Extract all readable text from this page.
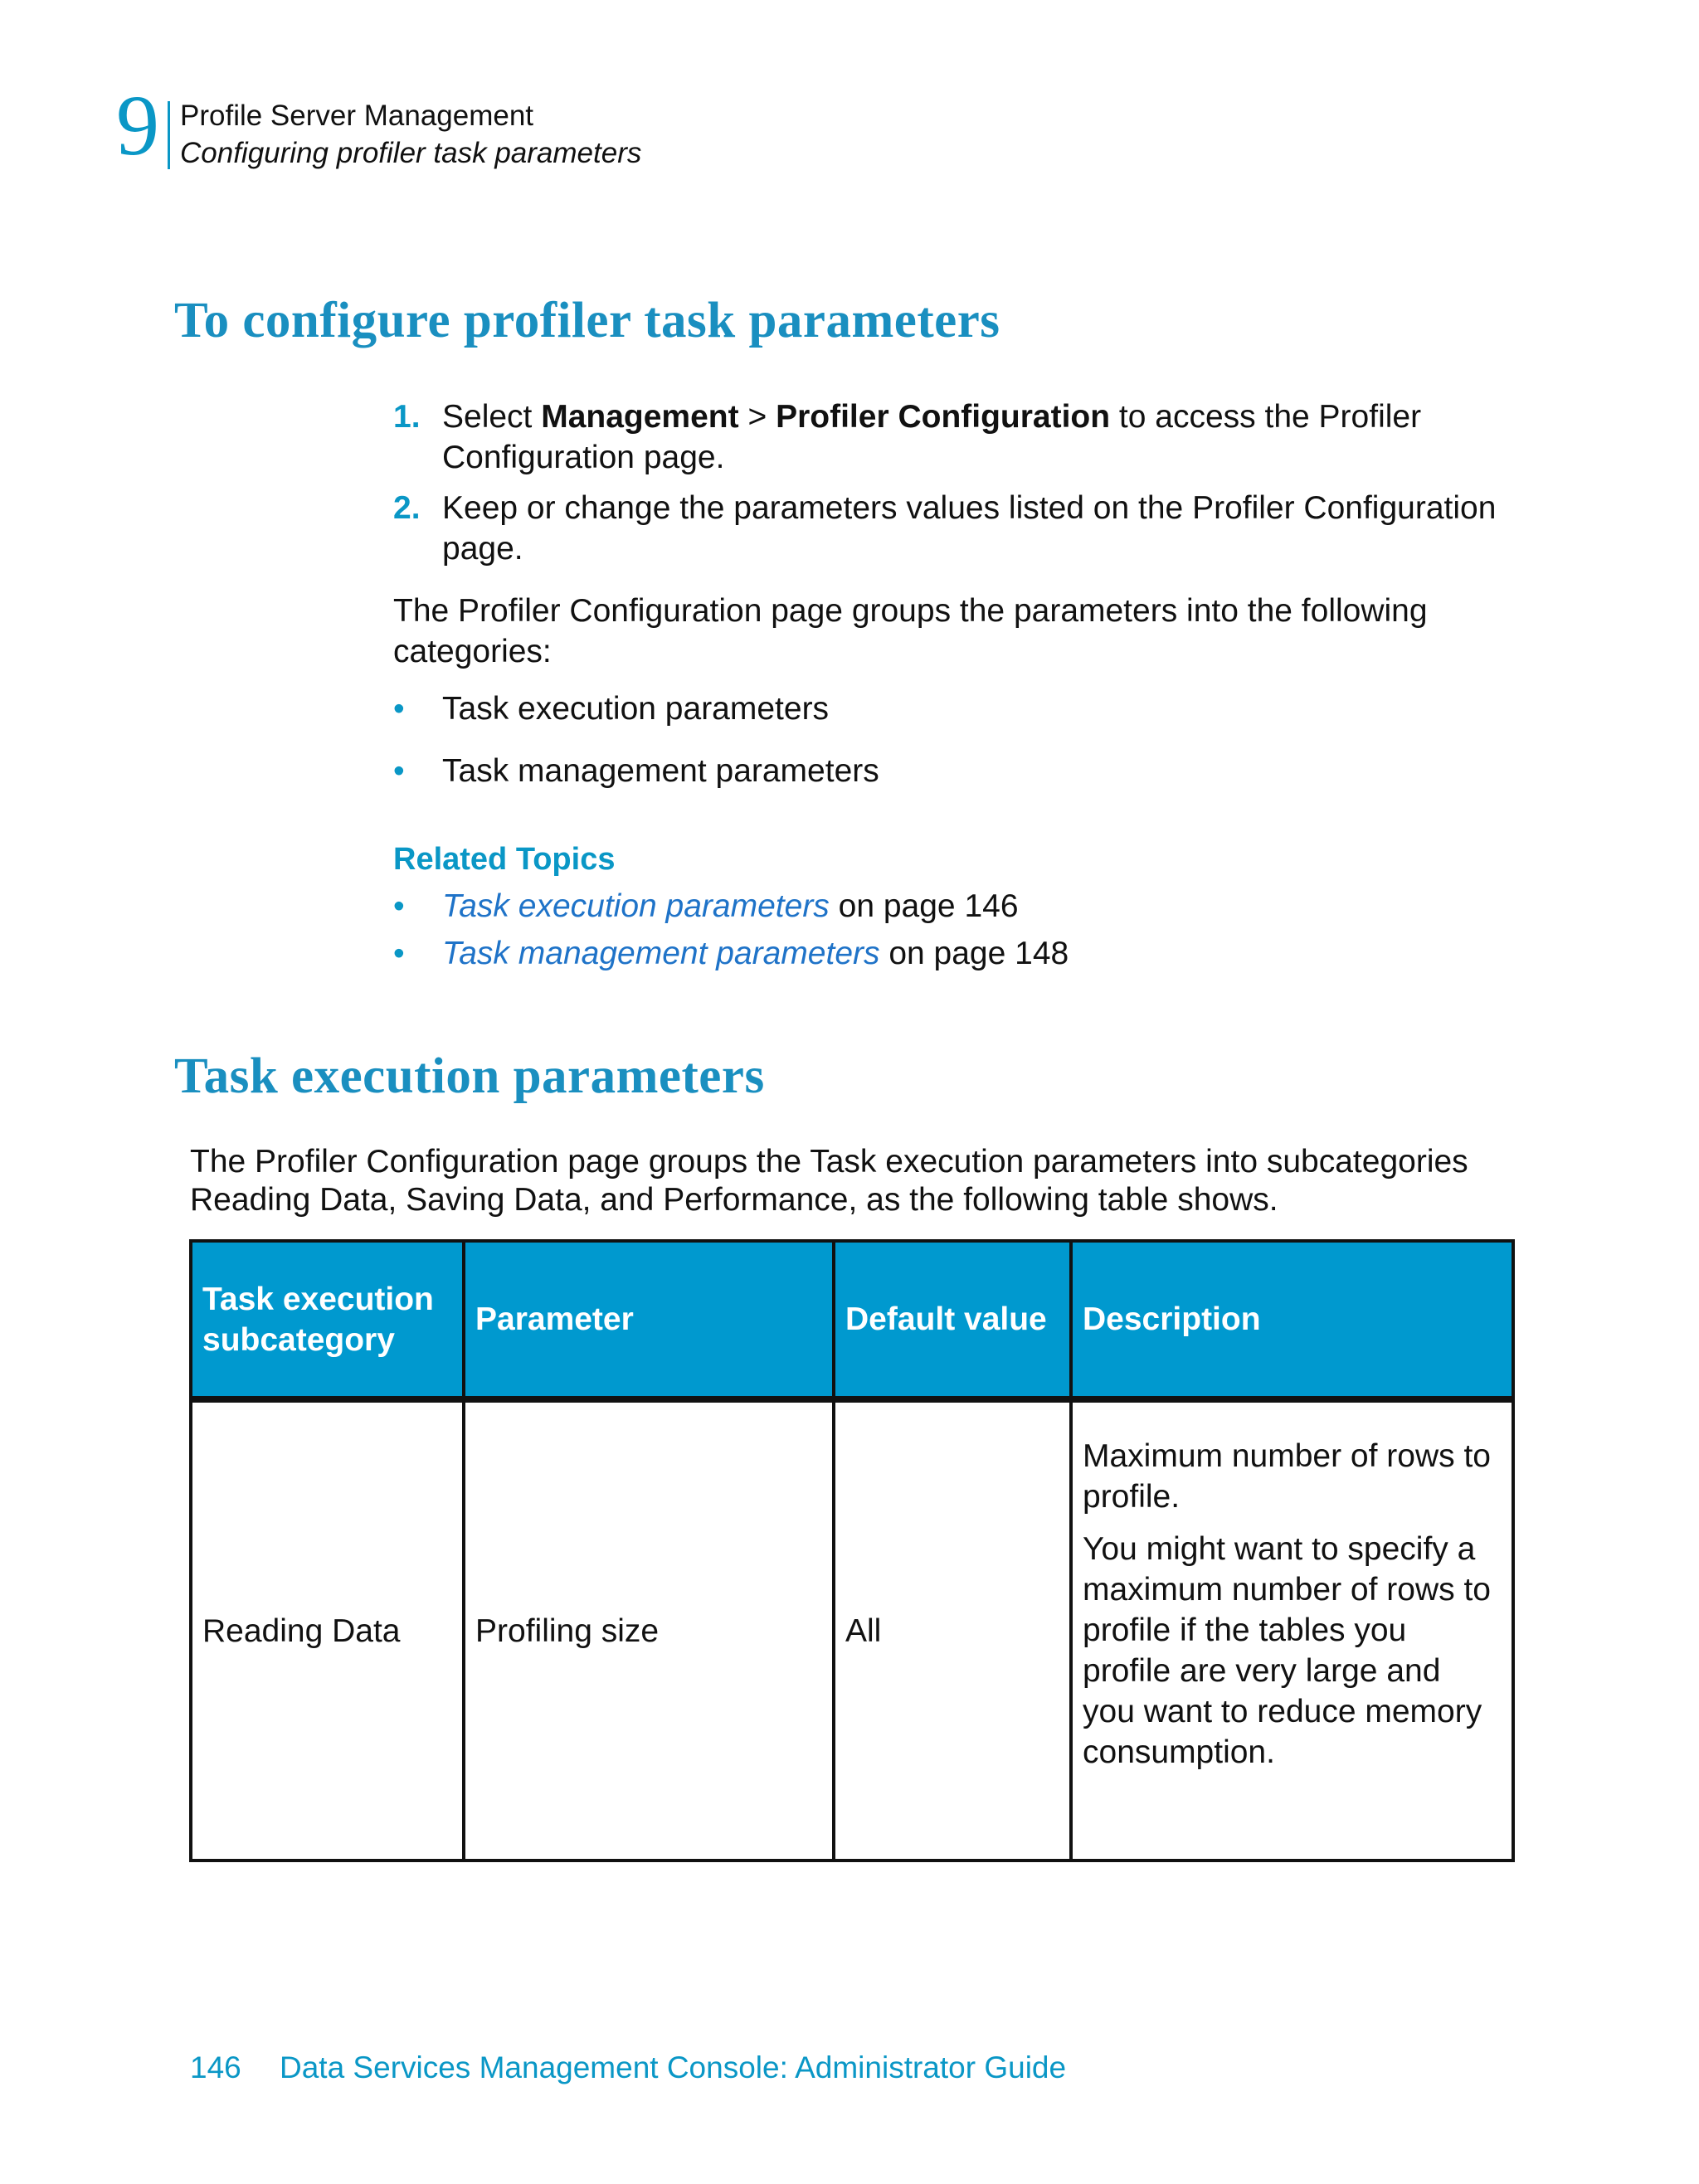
9 Profile Server Management
Configuring profiler task parameters
To configure profiler task parameters
1. Select Management > Profiler Configuration to access the Profiler Configuration page.
2. Keep or change the parameters values listed on the Profiler Configuration page.
The Profiler Configuration page groups the parameters into the following categories:
• Task execution parameters
• Task management parameters
Related Topics
• Task execution parameters on page 146
• Task management parameters on page 148
Task execution parameters
The Profiler Configuration page groups the Task execution parameters into subcategories Reading Data, Saving Data, and Performance, as the following table shows.
Task execution subcategory	Parameter	Default value	Description
Reading Data	Profiling size	All	Maximum number of rows to profile.

You might want to specify a maximum number of rows to profile if the tables you profile are very large and you want to reduce memory consumption.

146 Data Services Management Console: Administrator Guide
